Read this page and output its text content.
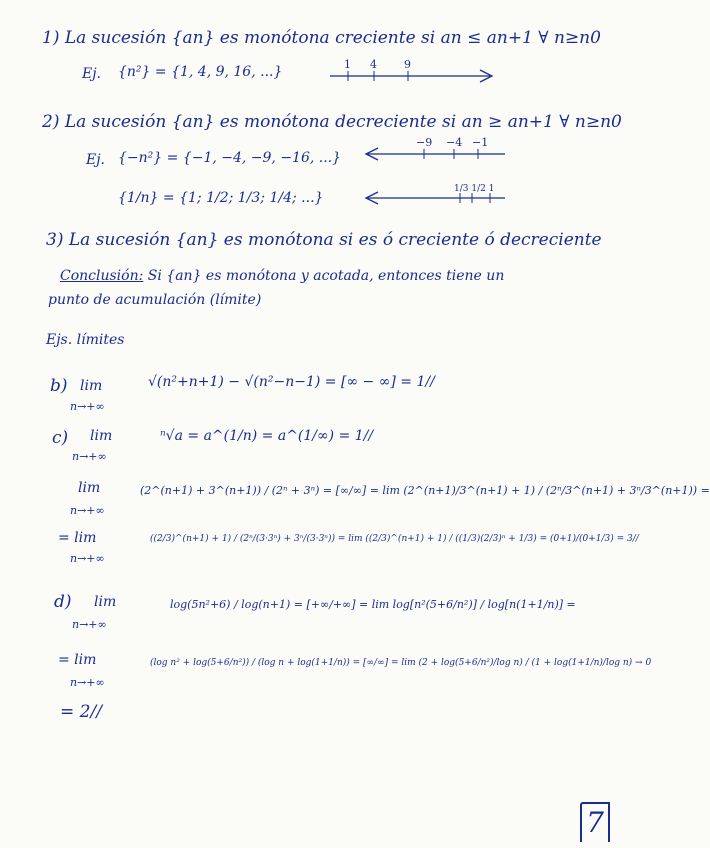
1) La sucesión {an} es monótona creciente si an ≤ an+1 ∀ n≥n0
Ej. {n²} = {1, 4, 9, 16, ...}	1 4 9
2) La sucesión {an} es monótona decreciente si an ≥ an+1 ∀ n≥n0
Ej. {−n²} = {−1, −4, −9, −16, ...}
−9 −4 −1
{1/n} = {1; 1/2; 1/3; 1/4; ...}
1/3 1/2 1
3) La sucesión {an} es monótona si es ó creciente ó decreciente
Conclusión: Si {an} es monótona y acotada, entonces tiene un
punto de acumulación (límite)
Ejs. límites
b) lim
n→+∞
√(n²+n+1) − √(n²−n−1) = [∞ − ∞] = 1//
c) lim
n→+∞
ⁿ√a = a^(1/n) = a^(1/∞) = 1//
lim
n→+∞
(2^(n+1) + 3^(n+1)) / (2ⁿ + 3ⁿ) = [∞/∞] = lim (2^(n+1)/3^(n+1) + 1) / (2ⁿ/3^(n+1) + 3ⁿ/3^(n+1)) =
= lim
n→+∞
((2/3)^(n+1) + 1) / (2ⁿ/(3·3ⁿ) + 3ⁿ/(3·3ⁿ)) = lim ((2/3)^(n+1) + 1) / ((1/3)(2/3)ⁿ + 1/3) = (0+1)/(0+1/3) = 3//
d) lim
n→+∞
log(5n²+6) / log(n+1) = [+∞/+∞] = lim log[n²(5+6/n²)] / log[n(1+1/n)] =
= lim
n→+∞
(log n² + log(5+6/n²)) / (log n + log(1+1/n)) = [∞/∞] = lim (2 + log(5+6/n²)/log n) / (1 + log(1+1/n)/log n) → 0
= 2//
7
